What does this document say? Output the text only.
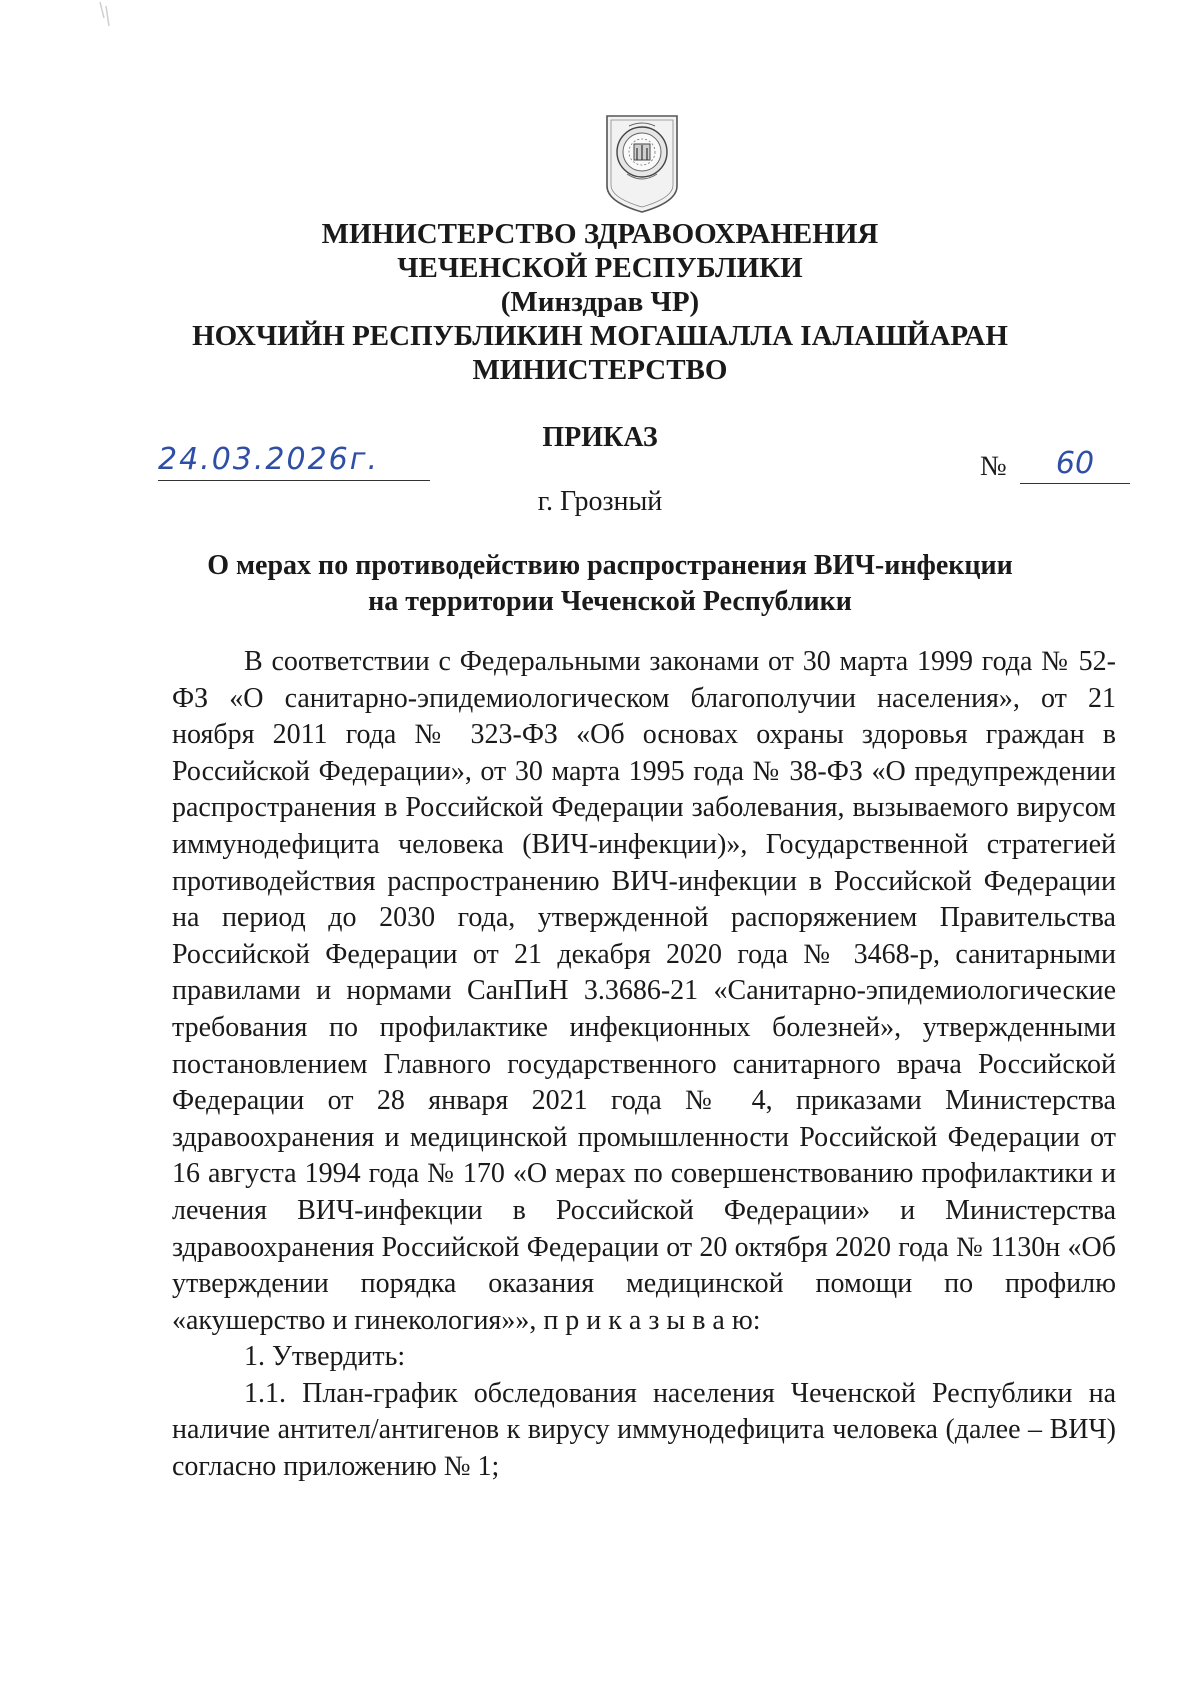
МИНИСТЕРСТВО ЗДРАВООХРАНЕНИЯ
ЧЕЧЕНСКОЙ РЕСПУБЛИКИ
(Минздрав ЧР)
НОХЧИЙН РЕСПУБЛИКИН МОГАШАЛЛА IАЛАШЙАРАН
МИНИСТЕРСТВО
ПРИКАЗ
24.03.2026г.	№	60
г. Грозный
О мерах по противодействию распространения ВИЧ-инфекции
на территории Чеченской Республики

В соответствии с Федеральными законами от 30 марта 1999 года № 52-ФЗ «О санитарно-эпидемиологическом благополучии населения», от 21 ноября 2011 года № 323-ФЗ «Об основах охраны здоровья граждан в Российской Федерации», от 30 марта 1995 года № 38-ФЗ «О предупреждении распространения в Российской Федерации заболевания, вызываемого вирусом иммунодефицита человека (ВИЧ-инфекции)», Государственной стратегией противодействия распространению ВИЧ-инфекции в Российской Федерации на период до 2030 года, утвержденной распоряжением Правительства Российской Федерации от 21 декабря 2020 года № 3468-р, санитарными правилами и нормами СанПиН 3.3686-21 «Санитарно-эпидемиологические требования по профилактике инфекционных болезней», утвержденными постановлением Главного государственного санитарного врача Российской Федерации от 28 января 2021 года № 4, приказами Министерства здравоохранения и медицинской промышленности Российской Федерации от 16 августа 1994 года № 170 «О мерах по совершенствованию профилактики и лечения ВИЧ-инфекции в Российской Федерации» и Министерства здравоохранения Российской Федерации от 20 октября 2020 года № 1130н «Об утверждении порядка оказания медицинской помощи по профилю «акушерство и гинекология»», п р и к а з ы в а ю:

1. Утвердить:

1.1. План-график обследования населения Чеченской Республики на наличие антител/антигенов к вирусу иммунодефицита человека (далее – ВИЧ) согласно приложению № 1;
